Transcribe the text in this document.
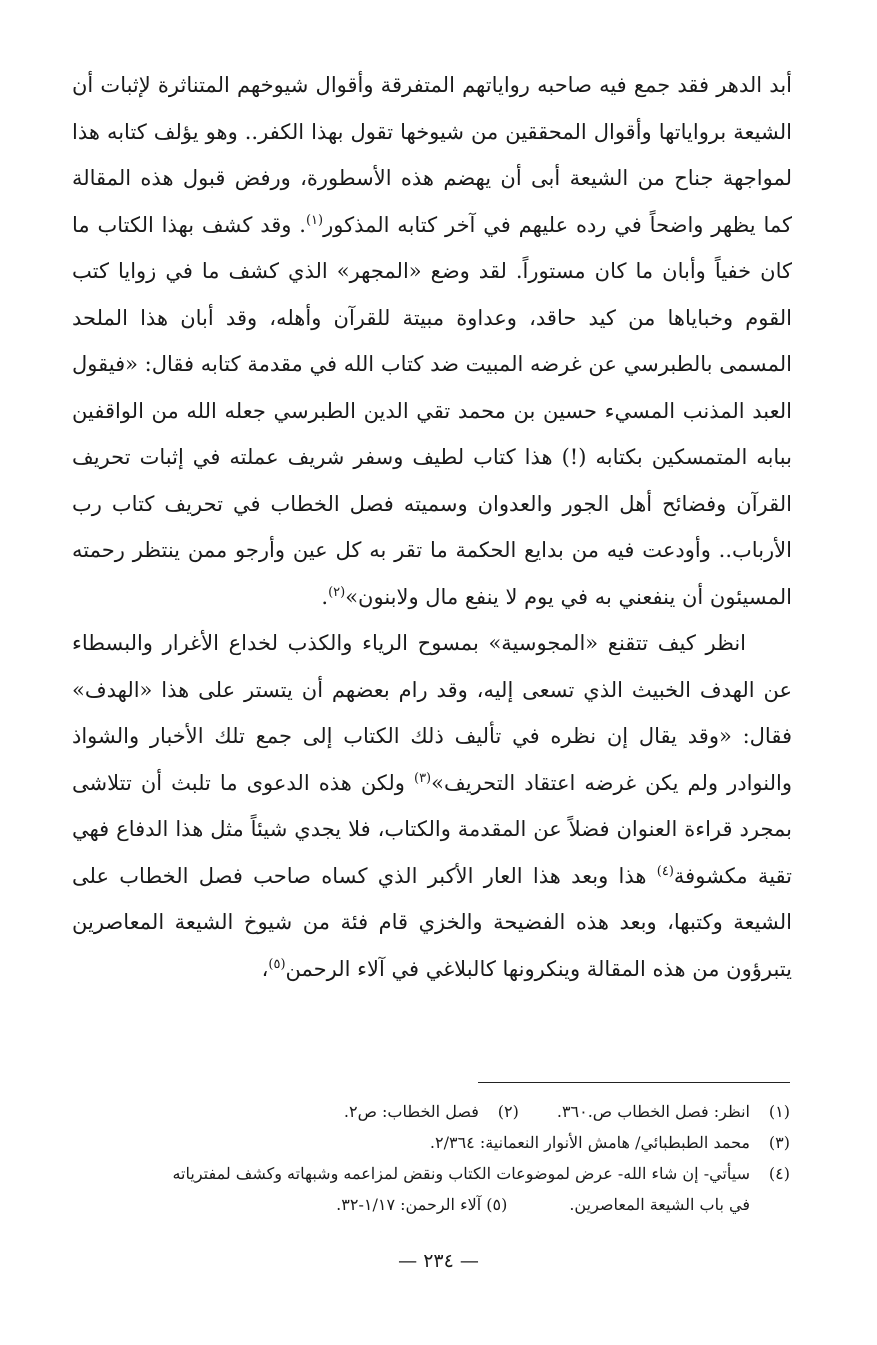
أبد الدهر فقد جمع فيه صاحبه رواياتهم المتفرقة وأقوال شيوخهم المتناثرة لإثبات أن الشيعة برواياتها وأقوال المحققين من شيوخها تقول بهذا الكفر.. وهو يؤلف كتابه هذا لمواجهة جناح من الشيعة أبى أن يهضم هذه الأسطورة، ورفض قبول هذه المقالة كما يظهر واضحاً في رده عليهم في آخر كتابه المذكور$^{(١)}$. وقد كشف بهذا الكتاب ما كان خفياً وأبان ما كان مستوراً. لقد وضع «المجهر» الذي كشف ما في زوايا كتب القوم وخباياها من كيد حاقد، وعداوة مبيتة للقرآن وأهله، وقد أبان هذا الملحد المسمى بالطبرسي عن غرضه المبيت ضد كتاب الله في مقدمة كتابه فقال: «فيقول العبد المذنب المسيء حسين بن محمد تقي الدين الطبرسي جعله الله من الواقفين ببابه المتمسكين بكتابه (!) هذا كتاب لطيف وسفر شريف عملته في إثبات تحريف القرآن وفضائح أهل الجور والعدوان وسميته فصل الخطاب في تحريف كتاب رب الأرباب.. وأودعت فيه من بدايع الحكمة ما تقر به كل عين وأرجو ممن ينتظر رحمته المسيئون أن ينفعني به في يوم لا ينفع مال ولابنون»$^{(٢)}$.

انظر كيف تتقنع «المجوسية» بمسوح الرياء والكذب لخداع الأغرار والبسطاء عن الهدف الخبيث الذي تسعى إليه، وقد رام بعضهم أن يتستر على هذا «الهدف» فقال: «وقد يقال إن نظره في تأليف ذلك الكتاب إلى جمع تلك الأخبار والشواذ والنوادر ولم يكن غرضه اعتقاد التحريف»$^{(٣)}$ ولكن هذه الدعوى ما تلبث أن تتلاشى بمجرد قراءة العنوان فضلاً عن المقدمة والكتاب، فلا يجدي شيئاً مثل هذا الدفاع فهي تقية مكشوفة$^{(٤)}$ هذا وبعد هذا العار الأكبر الذي كساه صاحب فصل الخطاب على الشيعة وكتبها، وبعد هذه الفضيحة والخزي قام فئة من شيوخ الشيعة المعاصرين يتبرؤون من هذه المقالة وينكرونها كالبلاغي في آلاء الرحمن$^{(٥)}$،

(١)
انظر: فصل الخطاب ص.٣٦٠.
(٢)
فصل الخطاب: ص٢.
(٣)
محمد الطبطبائي/ هامش الأنوار النعمانية: ٢/٣٦٤.
(٤)
سيأتي- إن شاء الله- عرض لموضوعات الكتاب ونقض لمزاعمه وشبهاته وكشف لمفترياته
في باب الشيعة المعاصرين.
(٥) آلاء الرحمن: ١/١٧-٣٢.
— ٢٣٤ —
